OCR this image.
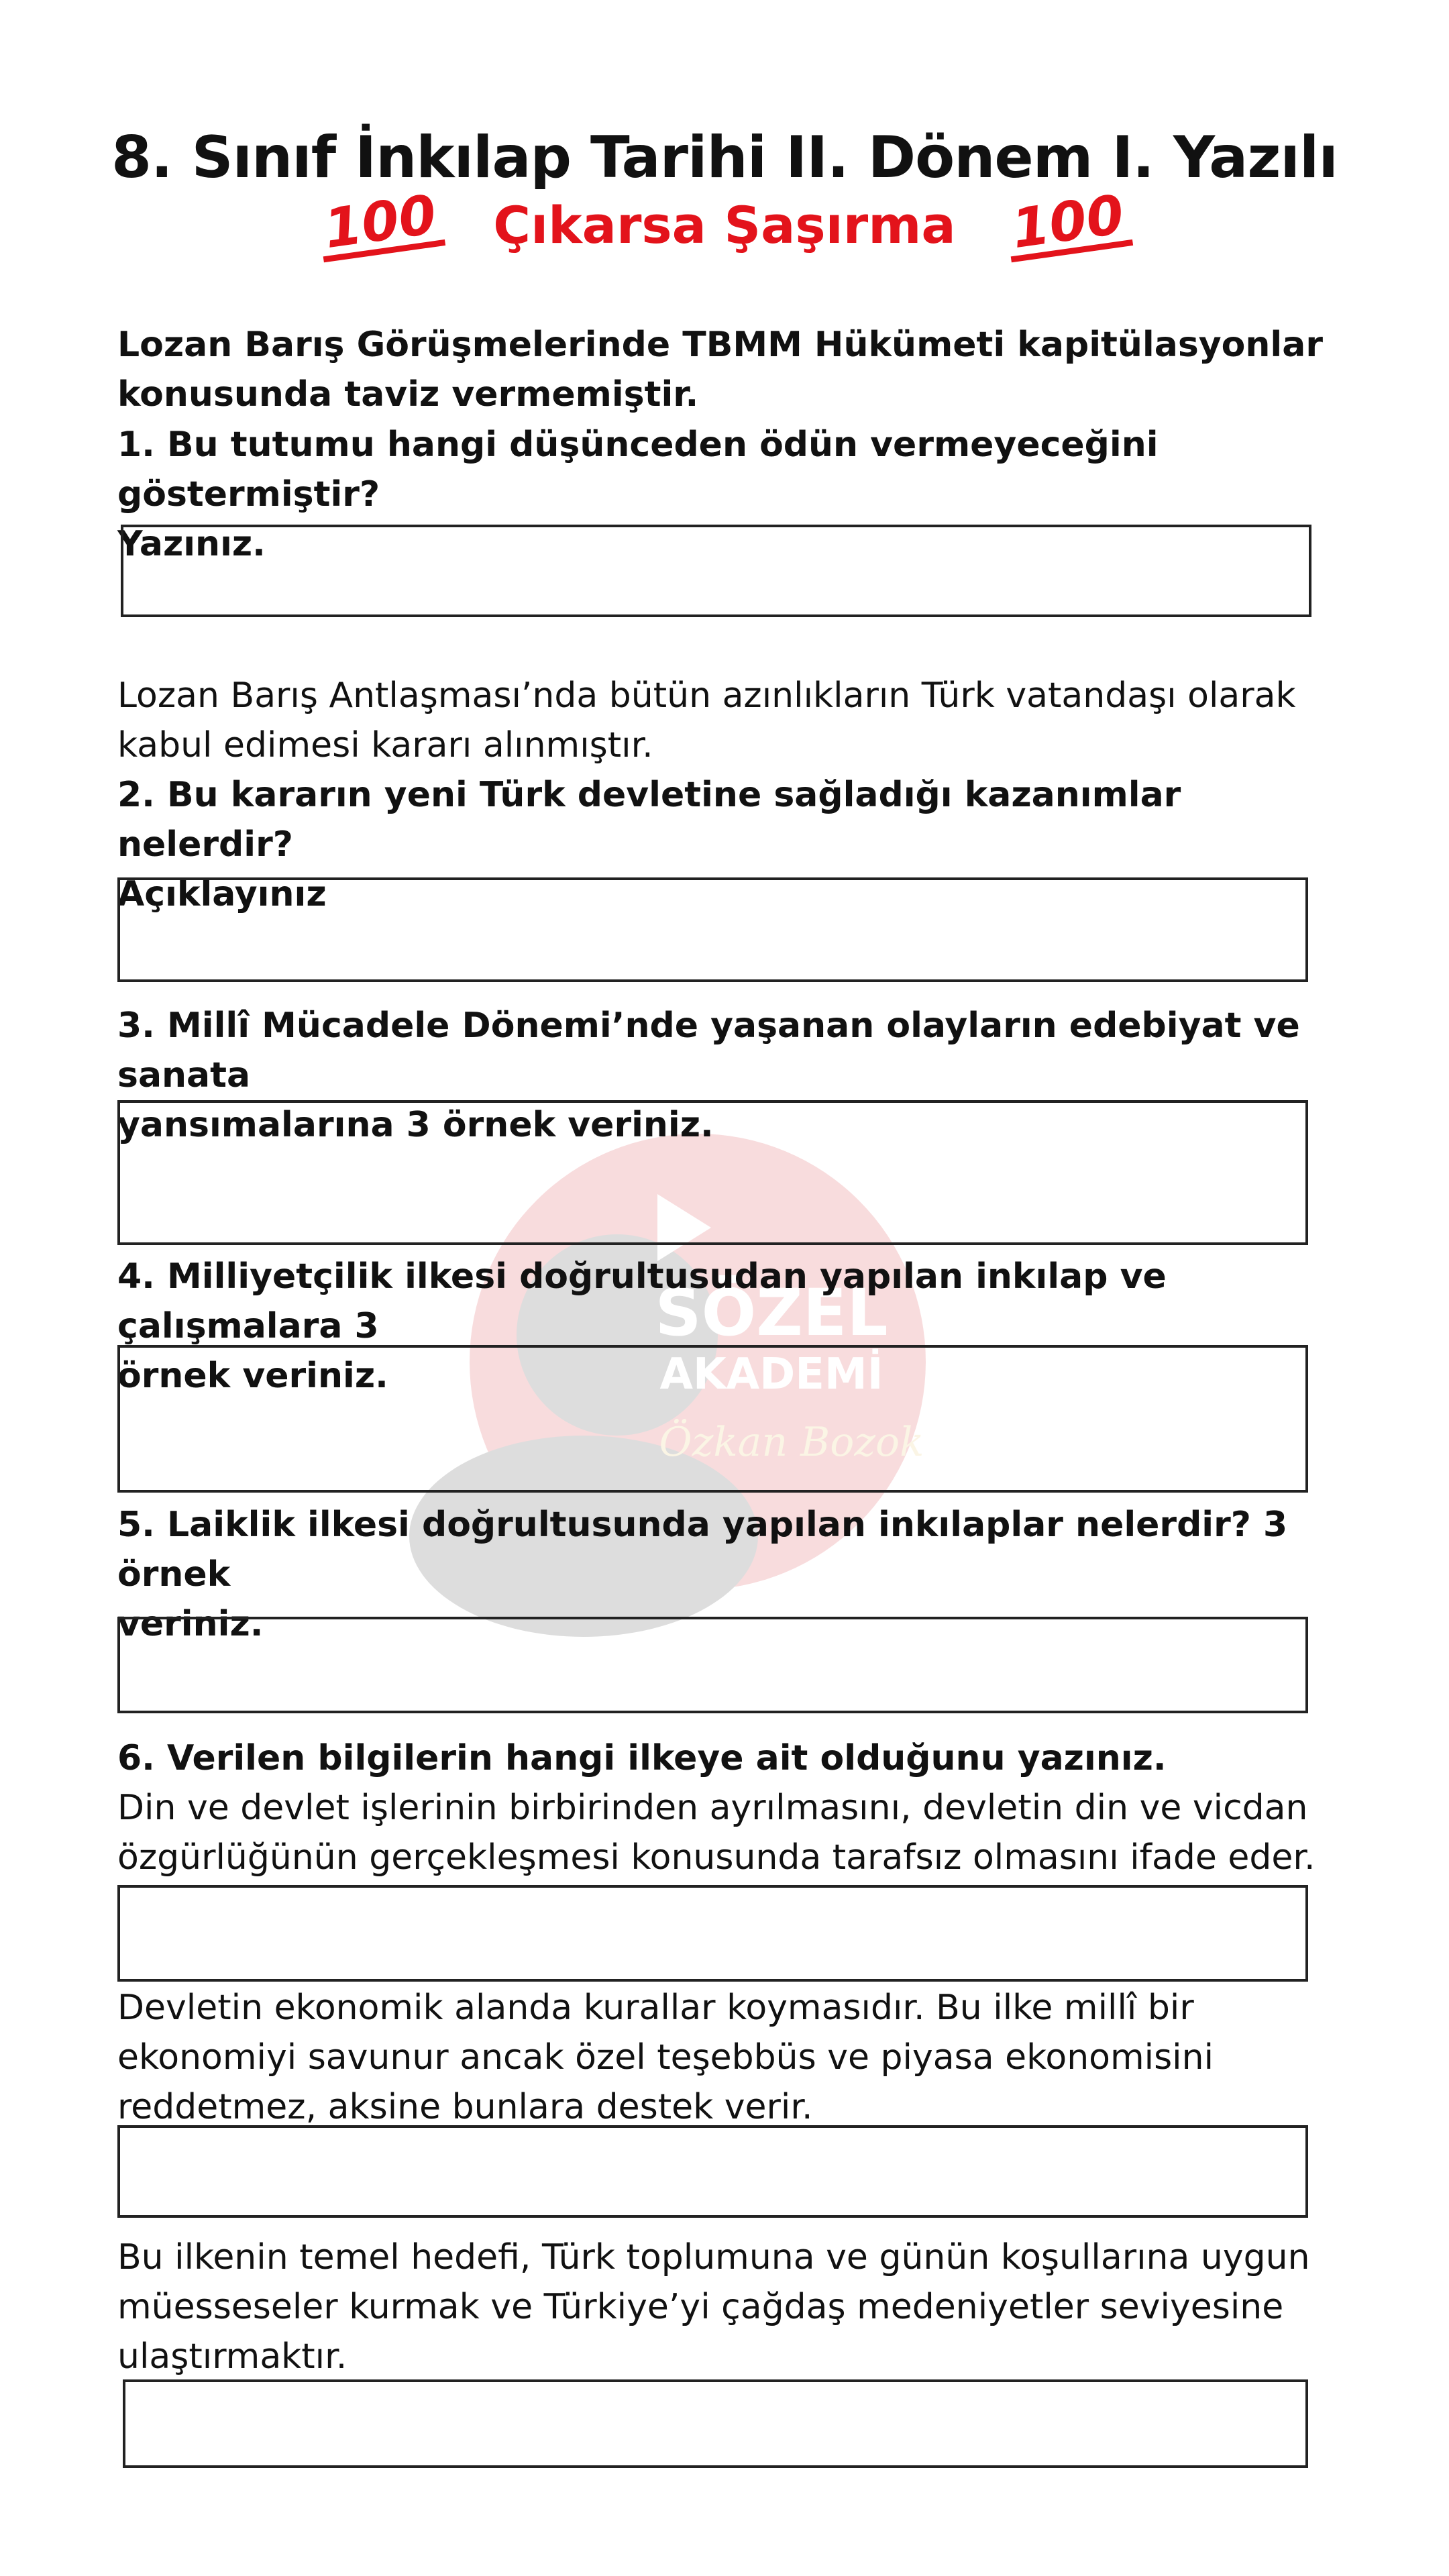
SÖZEL
AKADEMİ
Özkan Bozok
8. Sınıf İnkılap Tarihi II. Dönem I. Yazılı
100 Çıkarsa Şaşırma 100
Lozan Barış Görüşmelerinde TBMM Hükümeti kapitülasyonlar
konusunda taviz vermemiştir.
1. Bu tutumu hangi düşünceden ödün vermeyeceğini göstermiştir?
Yazınız.
Lozan Barış Antlaşması’nda bütün azınlıkların Türk vatandaşı olarak
kabul edimesi kararı alınmıştır.
2. Bu kararın yeni Türk devletine sağladığı kazanımlar nelerdir?
Açıklayınız
3. Millî Mücadele Dönemi’nde yaşanan olayların edebiyat ve sanata
yansımalarına 3 örnek veriniz.
4. Milliyetçilik ilkesi doğrultusudan yapılan inkılap ve çalışmalara 3
örnek veriniz.
5. Laiklik ilkesi doğrultusunda yapılan inkılaplar nelerdir? 3 örnek
veriniz.
6. Verilen bilgilerin hangi ilkeye ait olduğunu yazınız.
Din ve devlet işlerinin birbirinden ayrılmasını, devletin din ve vicdan
özgürlüğünün gerçekleşmesi konusunda tarafsız olmasını ifade eder.
Devletin ekonomik alanda kurallar koymasıdır. Bu ilke millî bir
ekonomiyi savunur ancak özel teşebbüs ve piyasa ekonomisini
reddetmez, aksine bunlara destek verir.
Bu ilkenin temel hedefi, Türk toplumuna ve günün koşullarına uygun
müesseseler kurmak ve Türkiye’yi çağdaş medeniyetler seviyesine
ulaştırmaktır.
